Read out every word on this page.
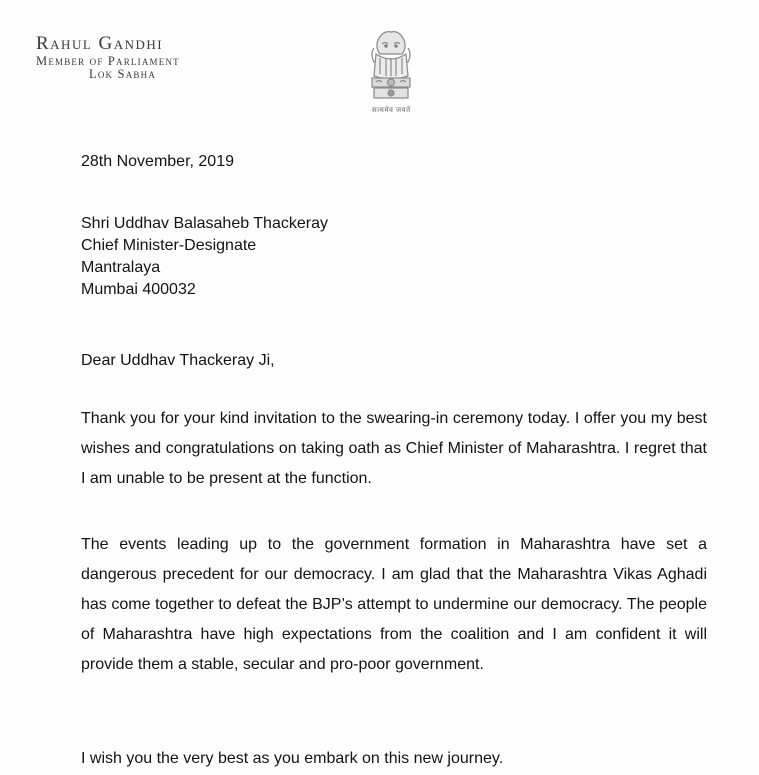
Rahul Gandhi
Member of Parliament
Lok Sabha
सत्यमेव जयते
28th November, 2019
Shri Uddhav Balasaheb Thackeray
Chief Minister-Designate
Mantralaya
Mumbai 400032
Dear Uddhav Thackeray Ji,
Thank you for your kind invitation to the swearing-in ceremony today. I offer you my best wishes and congratulations on taking oath as Chief Minister of Maharashtra. I regret that I am unable to be present at the function.
The events leading up to the government formation in Maharashtra have set a dangerous precedent for our democracy. I am glad that the Maharashtra Vikas Aghadi has come together to defeat the BJP’s attempt to undermine our democracy. The people of Maharashtra have high expectations from the coalition and I am confident it will provide them a stable, secular and pro-poor government.
I wish you the very best as you embark on this new journey.
